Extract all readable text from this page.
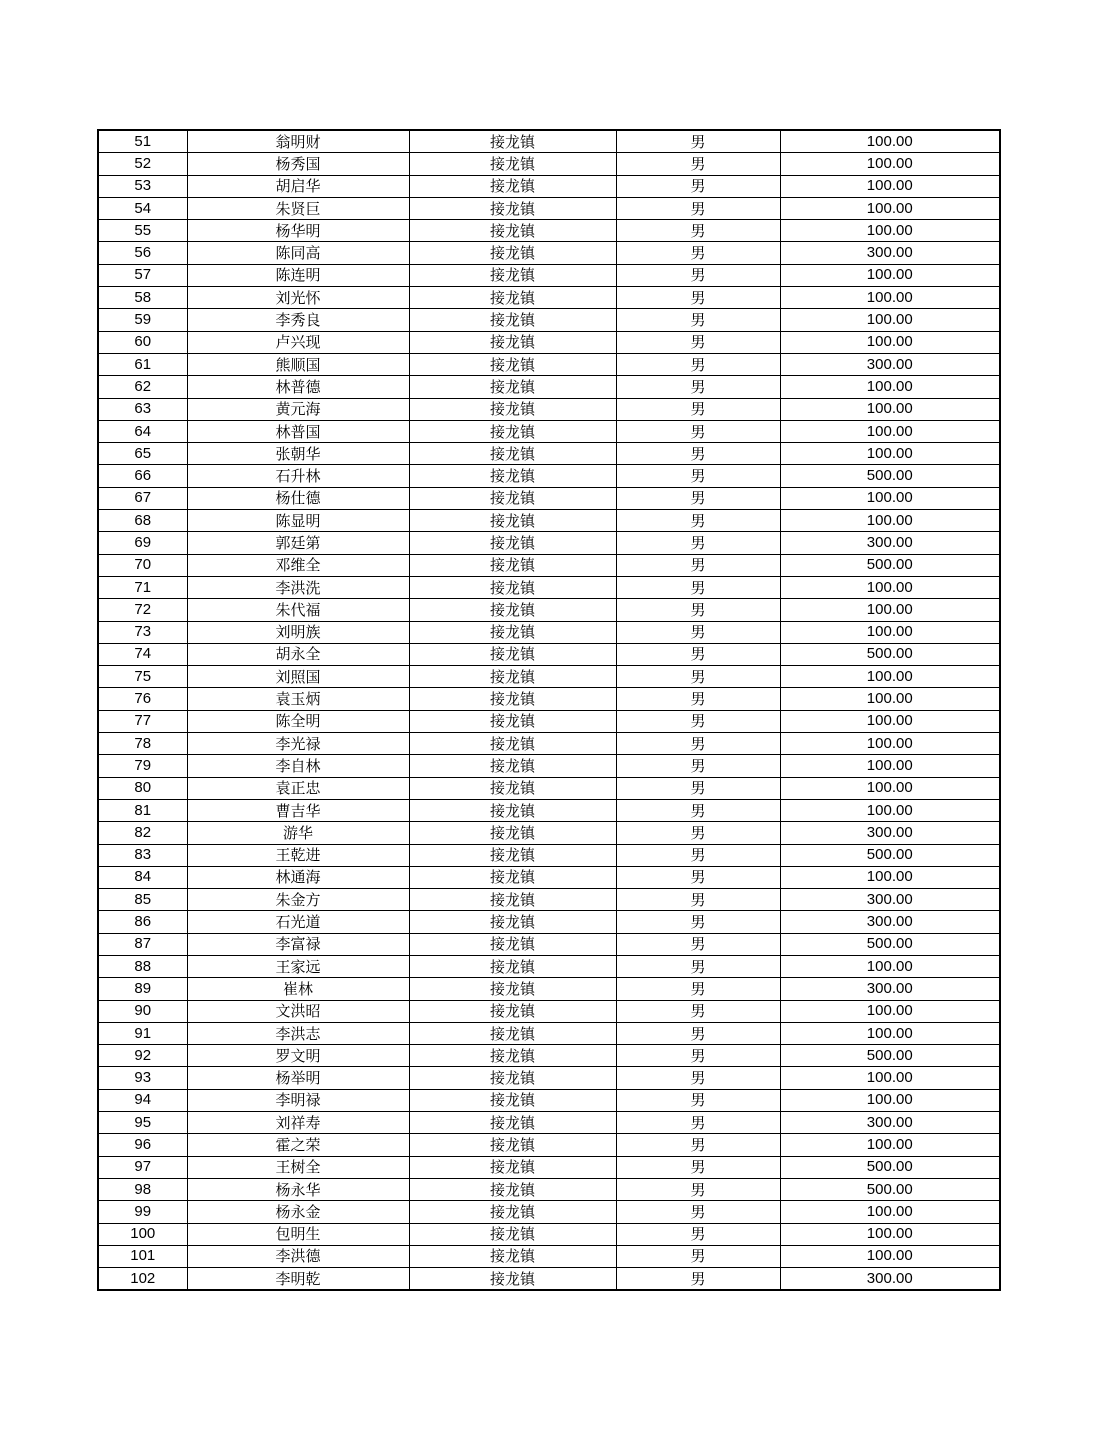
51	翁明财	接龙镇	男	100.00
52	杨秀国	接龙镇	男	100.00
53	胡启华	接龙镇	男	100.00
54	朱贤巨	接龙镇	男	100.00
55	杨华明	接龙镇	男	100.00
56	陈同高	接龙镇	男	300.00
57	陈连明	接龙镇	男	100.00
58	刘光怀	接龙镇	男	100.00
59	李秀良	接龙镇	男	100.00
60	卢兴现	接龙镇	男	100.00
61	熊顺国	接龙镇	男	300.00
62	林普德	接龙镇	男	100.00
63	黄元海	接龙镇	男	100.00
64	林普国	接龙镇	男	100.00
65	张朝华	接龙镇	男	100.00
66	石升林	接龙镇	男	500.00
67	杨仕德	接龙镇	男	100.00
68	陈显明	接龙镇	男	100.00
69	郭廷第	接龙镇	男	300.00
70	邓维全	接龙镇	男	500.00
71	李洪洗	接龙镇	男	100.00
72	朱代福	接龙镇	男	100.00
73	刘明族	接龙镇	男	100.00
74	胡永全	接龙镇	男	500.00
75	刘照国	接龙镇	男	100.00
76	袁玉炳	接龙镇	男	100.00
77	陈全明	接龙镇	男	100.00
78	李光禄	接龙镇	男	100.00
79	李自林	接龙镇	男	100.00
80	袁正忠	接龙镇	男	100.00
81	曹吉华	接龙镇	男	100.00
82	游华	接龙镇	男	300.00
83	王乾进	接龙镇	男	500.00
84	林通海	接龙镇	男	100.00
85	朱金方	接龙镇	男	300.00
86	石光道	接龙镇	男	300.00
87	李富禄	接龙镇	男	500.00
88	王家远	接龙镇	男	100.00
89	崔林	接龙镇	男	300.00
90	文洪昭	接龙镇	男	100.00
91	李洪志	接龙镇	男	100.00
92	罗文明	接龙镇	男	500.00
93	杨举明	接龙镇	男	100.00
94	李明禄	接龙镇	男	100.00
95	刘祥寿	接龙镇	男	300.00
96	霍之荣	接龙镇	男	100.00
97	王树全	接龙镇	男	500.00
98	杨永华	接龙镇	男	500.00
99	杨永金	接龙镇	男	100.00
100	包明生	接龙镇	男	100.00
101	李洪德	接龙镇	男	100.00
102	李明乾	接龙镇	男	300.00
